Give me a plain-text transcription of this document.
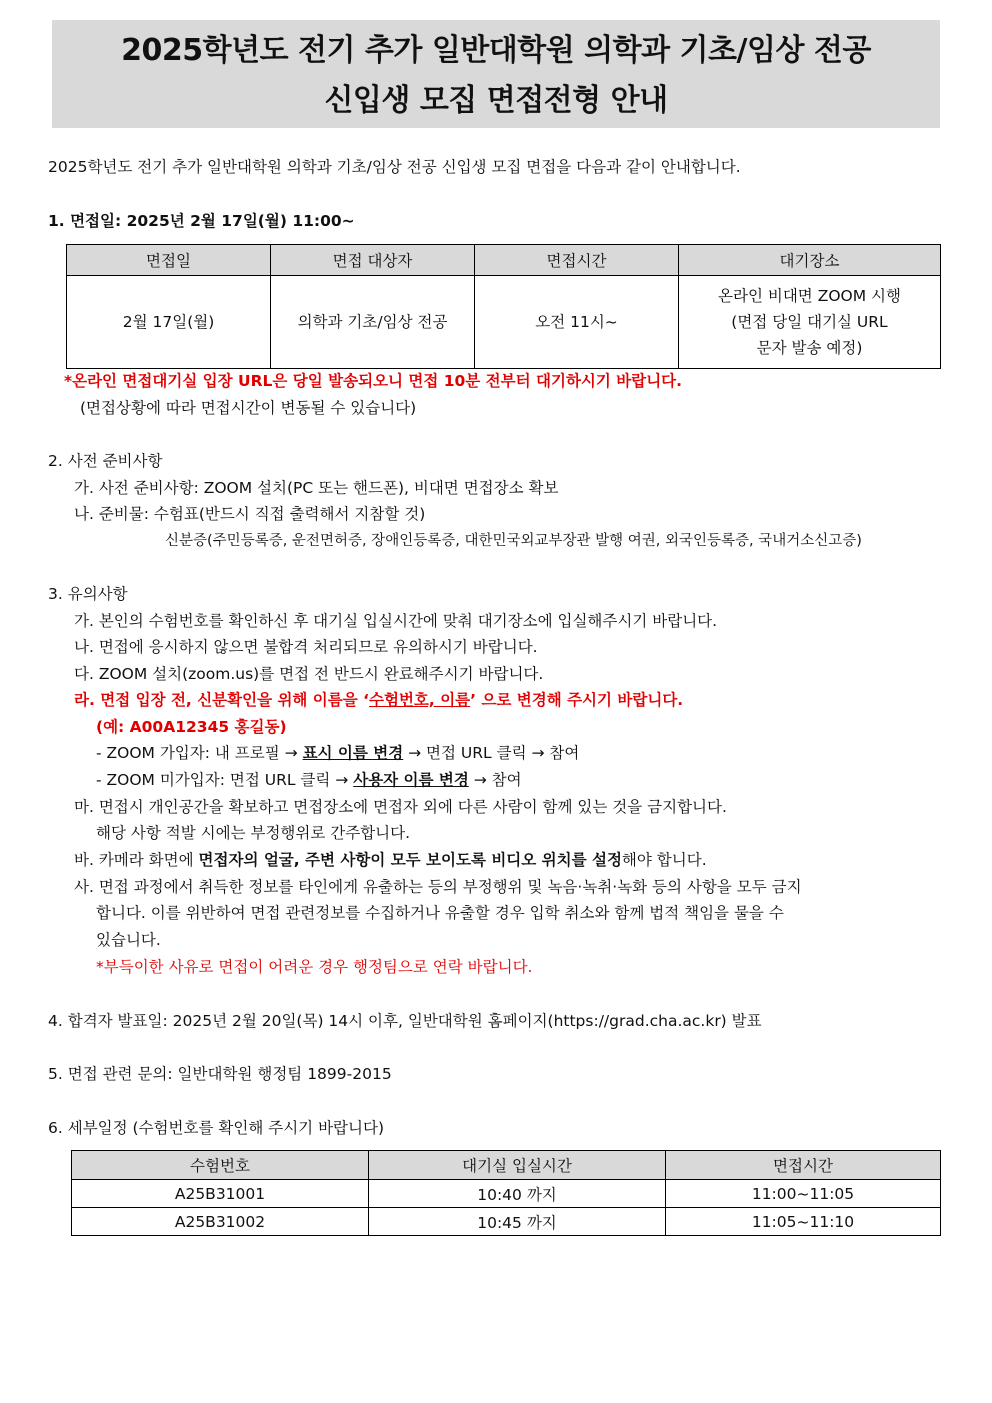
2025학년도 전기 추가 일반대학원 의학과 기초/임상 전공
신입생 모집 면접전형 안내
2025학년도 전기 추가 일반대학원 의학과 기초/임상 전공 신입생 모집 면접을 다음과 같이 안내합니다.
1. 면접일: 2025년 2월 17일(월) 11:00~
면접일	면접 대상자	면접시간	대기장소
2월 17일(월)	의학과 기초/임상 전공	오전 11시~	온라인 비대면 ZOOM 시행
(면접 당일 대기실 URL
문자 발송 예정)
*온라인 면접대기실 입장 URL은 당일 발송되오니 면접 10분 전부터 대기하시기 바랍니다.
(면접상황에 따라 면접시간이 변동될 수 있습니다)
2. 사전 준비사항
가. 사전 준비사항: ZOOM 설치(PC 또는 핸드폰), 비대면 면접장소 확보
나. 준비물: 수험표(반드시 직접 출력해서 지참할 것)
신분증(주민등록증, 운전면허증, 장애인등록증, 대한민국외교부장관 발행 여권, 외국인등록증, 국내거소신고증)
3. 유의사항
가. 본인의 수험번호를 확인하신 후 대기실 입실시간에 맞춰 대기장소에 입실해주시기 바랍니다.
나. 면접에 응시하지 않으면 불합격 처리되므로 유의하시기 바랍니다.
다. ZOOM 설치(zoom.us)를 면접 전 반드시 완료해주시기 바랍니다.
라. 면접 입장 전, 신분확인을 위해 이름을 ‘수험번호, 이름’ 으로 변경해 주시기 바랍니다.
(예: A00A12345 홍길동)
- ZOOM 가입자: 내 프로필 → 표시 이름 변경 → 면접 URL 클릭 → 참여
- ZOOM 미가입자: 면접 URL 클릭 → 사용자 이름 변경 → 참여
마. 면접시 개인공간을 확보하고 면접장소에 면접자 외에 다른 사람이 함께 있는 것을 금지합니다.
해당 사항 적발 시에는 부정행위로 간주합니다.
바. 카메라 화면에 면접자의 얼굴, 주변 사항이 모두 보이도록 비디오 위치를 설정해야 합니다.
사. 면접 과정에서 취득한 정보를 타인에게 유출하는 등의 부정행위 및 녹음·녹취·녹화 등의 사항을 모두 금지
합니다. 이를 위반하여 면접 관련정보를 수집하거나 유출할 경우 입학 취소와 함께 법적 책임을 물을 수
있습니다.
*부득이한 사유로 면접이 어려운 경우 행정팀으로 연락 바랍니다.
4. 합격자 발표일: 2025년 2월 20일(목) 14시 이후, 일반대학원 홈페이지(https://grad.cha.ac.kr) 발표
5. 면접 관련 문의: 일반대학원 행정팀 1899-2015
6. 세부일정 (수험번호를 확인해 주시기 바랍니다)
수험번호	대기실 입실시간	면접시간
A25B31001	10:40 까지	11:00~11:05
A25B31002	10:45 까지	11:05~11:10
